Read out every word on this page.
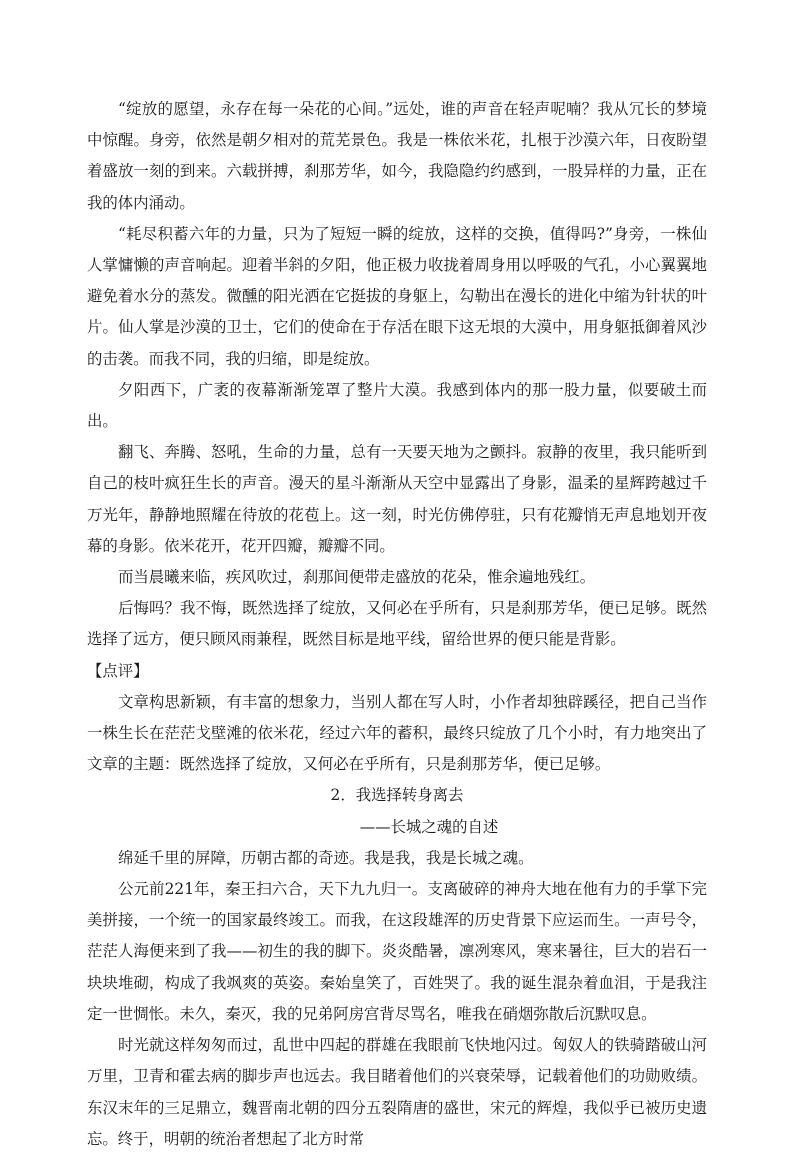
“绽放的愿望，永存在每一朵花的心间。”远处，谁的声音在轻声呢喃？我从冗长的梦境中惊醒。身旁，依然是朝夕相对的荒芜景色。我是一株依米花，扎根于沙漠六年，日夜盼望着盛放一刻的到来。六载拼搏，刹那芳华，如今，我隐隐约约感到，一股异样的力量，正在我的体内涌动。

“耗尽积蓄六年的力量，只为了短短一瞬的绽放，这样的交换，值得吗?”身旁，一株仙人掌慵懒的声音响起。迎着半斜的夕阳，他正极力收拢着周身用以呼吸的气孔，小心翼翼地避免着水分的蒸发。微醺的阳光洒在它挺拔的身躯上，勾勒出在漫长的进化中缩为针状的叶片。仙人掌是沙漠的卫士，它们的使命在于存活在眼下这无垠的大漠中，用身躯抵御着风沙的击袭。而我不同，我的归缩，即是绽放。

夕阳西下，广袤的夜幕渐渐笼罩了整片大漠。我感到体内的那一股力量，似要破土而出。

翻飞、奔腾、怒吼，生命的力量，总有一天要天地为之颤抖。寂静的夜里，我只能听到自己的枝叶疯狂生长的声音。漫天的星斗渐渐从天空中显露出了身影，温柔的星辉跨越过千万光年，静静地照耀在待放的花苞上。这一刻，时光仿佛停驻，只有花瓣悄无声息地划开夜幕的身影。依米花开，花开四瓣，瓣瓣不同。

而当晨曦来临，疾风吹过，刹那间便带走盛放的花朵，惟余遍地残红。

后悔吗？我不悔，既然选择了绽放，又何必在乎所有，只是刹那芳华，便已足够。既然选择了远方，便只顾风雨兼程，既然目标是地平线，留给世界的便只能是背影。

【点评】

文章构思新颖，有丰富的想象力，当别人都在写人时，小作者却独辟蹊径，把自己当作一株生长在茫茫戈壁滩的依米花，经过六年的蓄积，最终只绽放了几个小时，有力地突出了文章的主题：既然选择了绽放，又何必在乎所有，只是刹那芳华，便已足够。

2．我选择转身离去

——长城之魂的自述

绵延千里的屏障，历朝古都的奇迹。我是我，我是长城之魂。

公元前221年，秦王扫六合，天下九九归一。支离破碎的神舟大地在他有力的手掌下完美拼接，一个统一的国家最终竣工。而我，在这段雄浑的历史背景下应运而生。一声号令，茫茫人海便来到了我——初生的我的脚下。炎炎酷暑，凛冽寒风，寒来暑往，巨大的岩石一块块堆砌，构成了我飒爽的英姿。秦始皇笑了，百姓哭了。我的诞生混杂着血泪，于是我注定一世惆怅。未久，秦灭，我的兄弟阿房宫背尽骂名，唯我在硝烟弥散后沉默叹息。

时光就这样匆匆而过，乱世中四起的群雄在我眼前飞快地闪过。匈奴人的铁骑踏破山河万里，卫青和霍去病的脚步声也远去。我目睹着他们的兴衰荣辱，记载着他们的功勋败绩。东汉末年的三足鼎立，魏晋南北朝的四分五裂隋唐的盛世，宋元的辉煌，我似乎已被历史遗忘。终于，明朝的统治者想起了北方时常
